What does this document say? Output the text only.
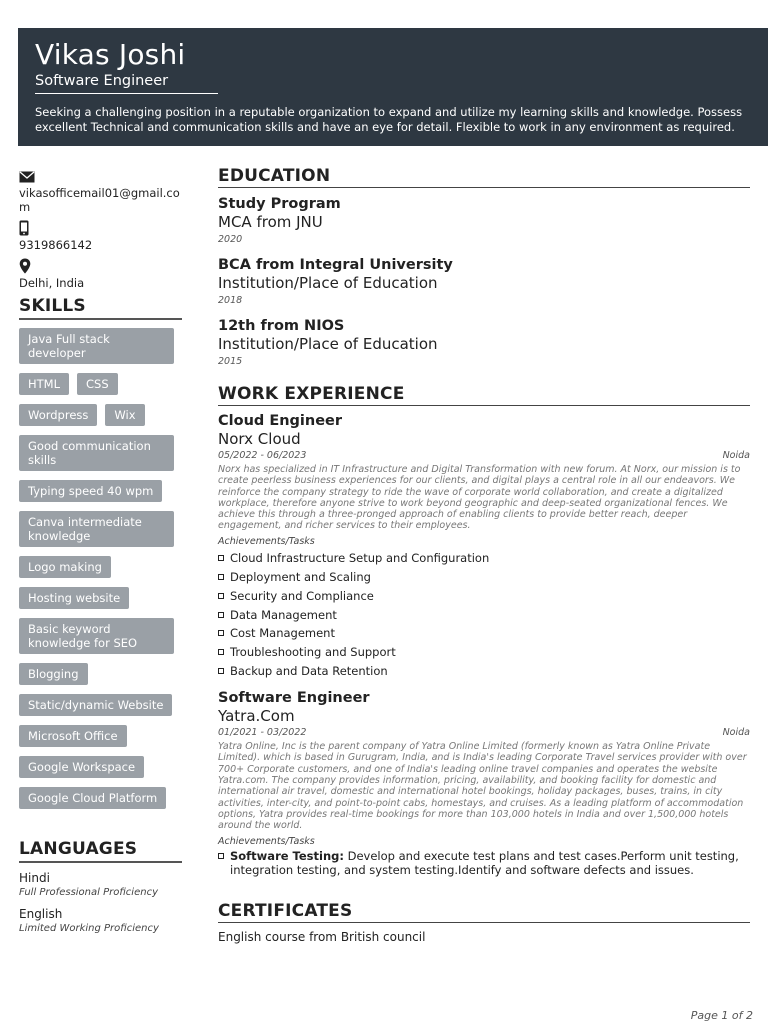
Vikas Joshi
Software Engineer
Seeking a challenging position in a reputable organization to expand and utilize my learning skills and knowledge. Possess excellent Technical and communication skills and have an eye for detail. Flexible to work in any environment as required.
vikasofficemail01@gmail.com
9319866142
Delhi, India
SKILLS
Java Full stack developer
HTML	CSS
Wordpress	Wix
Good communication skills
Typing speed 40 wpm
Canva intermediate knowledge
Logo making
Hosting website
Basic keyword knowledge for SEO
Blogging
Static/dynamic Website
Microsoft Office
Google Workspace
Google Cloud Platform
LANGUAGES
Hindi
Full Professional Proficiency
English
Limited Working Proficiency
EDUCATION
Study Program
MCA from JNU
2020
BCA from Integral University
Institution/Place of Education
2018
12th from NIOS
Institution/Place of Education
2015
WORK EXPERIENCE
Cloud Engineer
Norx Cloud
05/2022 - 06/2023	Noida
Norx has specialized in IT Infrastructure and Digital Transformation with new forum. At Norx, our mission is to create peerless business experiences for our clients, and digital plays a central role in all our endeavors. We reinforce the company strategy to ride the wave of corporate world collaboration, and create a digitalized workplace, therefore anyone strive to work beyond geographic and deep-seated organizational fences. We achieve this through a three-pronged approach of enabling clients to provide better reach, deeper engagement, and richer services to their employees.
Achievements/Tasks
Cloud Infrastructure Setup and Configuration
Deployment and Scaling
Security and Compliance
Data Management
Cost Management
Troubleshooting and Support
Backup and Data Retention
Software Engineer
Yatra.Com
01/2021 - 03/2022	Noida
Yatra Online, Inc is the parent company of Yatra Online Limited (formerly known as Yatra Online Private Limited). which is based in Gurugram, India, and is India's leading Corporate Travel services provider with over 700+ Corporate customers, and one of India's leading online travel companies and operates the website Yatra.com. The company provides information, pricing, availability, and booking facility for domestic and international air travel, domestic and international hotel bookings, holiday packages, buses, trains, in city activities, inter-city, and point-to-point cabs, homestays, and cruises. As a leading platform of accommodation options, Yatra provides real-time bookings for more than 103,000 hotels in India and over 1,500,000 hotels around the world.
Achievements/Tasks
Software Testing: Develop and execute test plans and test cases.Perform unit testing, integration testing, and system testing.Identify and software defects and issues.
CERTIFICATES
English course from British council
Page 1 of 2
